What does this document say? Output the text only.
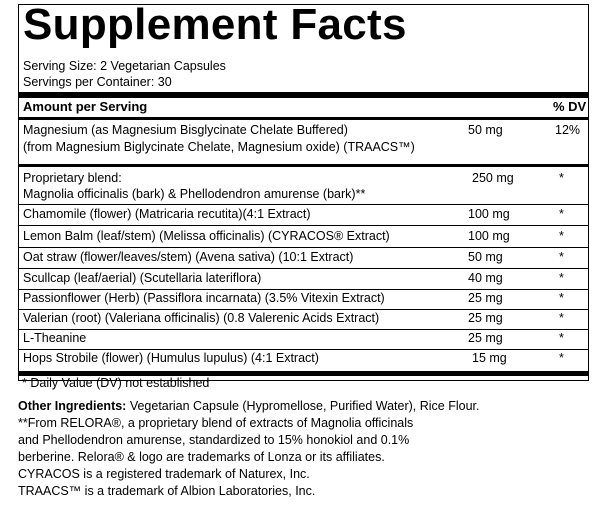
Supplement Facts
Serving Size: 2 Vegetarian Capsules
Servings per Container: 30
Amount per Serving	% DV
Magnesium (as Magnesium Bisglycinate Chelate Buffered)
(from Magnesium Biglycinate Chelate, Magnesium oxide) (TRAACS™)
50 mg	12%
Proprietary blend:
Magnolia officinalis (bark) & Phellodendron amurense (bark)**
250 mg	*
Chamomile (flower) (Matricaria recutita)(4:1 Extract)	100 mg	*
Lemon Balm (leaf/stem) (Melissa officinalis) (CYRACOS® Extract)	100 mg	*
Oat straw (flower/leaves/stem) (Avena sativa) (10:1 Extract)	50 mg	*
Scullcap (leaf/aerial) (Scutellaria lateriflora)	40 mg	*
Passionflower (Herb) (Passiflora incarnata) (3.5% Vitexin Extract)	25 mg	*
Valerian (root) (Valeriana officinalis) (0.8 Valerenic Acids Extract)	25 mg	*
L-Theanine	25 mg	*
Hops Strobile (flower) (Humulus lupulus) (4:1 Extract)	15 mg	*
* Daily Value (DV) not established
Other Ingredients: Vegetarian Capsule (Hypromellose, Purified Water), Rice Flour.
**From RELORA®, a proprietary blend of extracts of Magnolia officinals
and Phellodendron amurense, standardized to 15% honokiol and 0.1%
berberine. Relora® & logo are trademarks of Lonza or its affiliates.
CYRACOS is a registered trademark of Naturex, Inc.
TRAACS™ is a trademark of Albion Laboratories, Inc.
